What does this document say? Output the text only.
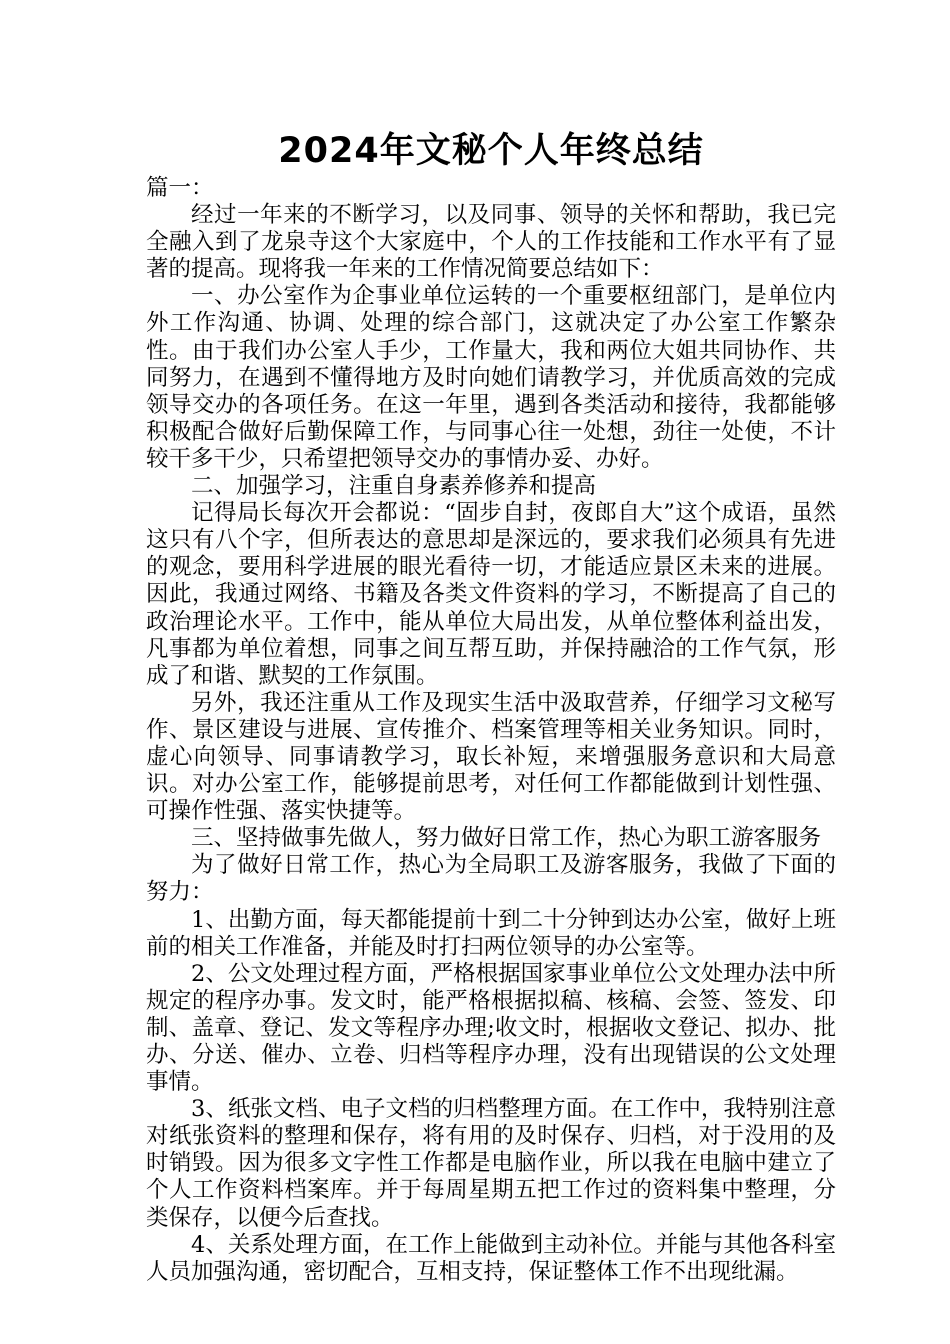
2024年文秘个人年终总结

篇一：

经过一年来的不断学习，以及同事、领导的关怀和帮助，我已完全融入到了龙泉寺这个大家庭中，个人的工作技能和工作水平有了显著的提高。现将我一年来的工作情况简要总结如下：

一、办公室作为企事业单位运转的一个重要枢纽部门，是单位内外工作沟通、协调、处理的综合部门，这就决定了办公室工作繁杂性。由于我们办公室人手少，工作量大，我和两位大姐共同协作、共同努力，在遇到不懂得地方及时向她们请教学习，并优质高效的完成领导交办的各项任务。在这一年里，遇到各类活动和接待，我都能够积极配合做好后勤保障工作，与同事心往一处想，劲往一处使，不计较干多干少，只希望把领导交办的事情办妥、办好。

二、加强学习，注重自身素养修养和提高

记得局长每次开会都说：“固步自封，夜郎自大”这个成语，虽然这只有八个字，但所表达的意思却是深远的，要求我们必须具有先进的观念，要用科学进展的眼光看待一切，才能适应景区未来的进展。因此，我通过网络、书籍及各类文件资料的学习，不断提高了自己的政治理论水平。工作中，能从单位大局出发，从单位整体利益出发，凡事都为单位着想，同事之间互帮互助，并保持融洽的工作气氛，形成了和谐、默契的工作氛围。

另外，我还注重从工作及现实生活中汲取营养，仔细学习文秘写作、景区建设与进展、宣传推介、档案管理等相关业务知识。同时，虚心向领导、同事请教学习，取长补短，来增强服务意识和大局意识。对办公室工作，能够提前思考，对任何工作都能做到计划性强、可操作性强、落实快捷等。

三、坚持做事先做人，努力做好日常工作，热心为职工游客服务

为了做好日常工作，热心为全局职工及游客服务，我做了下面的努力：

1、出勤方面，每天都能提前十到二十分钟到达办公室，做好上班前的相关工作准备，并能及时打扫两位领导的办公室等。

2、公文处理过程方面，严格根据国家事业单位公文处理办法中所规定的程序办事。发文时，能严格根据拟稿、核稿、会签、签发、印制、盖章、登记、发文等程序办理;收文时，根据收文登记、拟办、批办、分送、催办、立卷、归档等程序办理，没有出现错误的公文处理事情。

3、纸张文档、电子文档的归档整理方面。在工作中，我特别注意对纸张资料的整理和保存，将有用的及时保存、归档，对于没用的及时销毁。因为很多文字性工作都是电脑作业，所以我在电脑中建立了个人工作资料档案库。并于每周星期五把工作过的资料集中整理，分类保存，以便今后查找。

4、关系处理方面，在工作上能做到主动补位。并能与其他各科室人员加强沟通，密切配合，互相支持，保证整体工作不出现纰漏。
